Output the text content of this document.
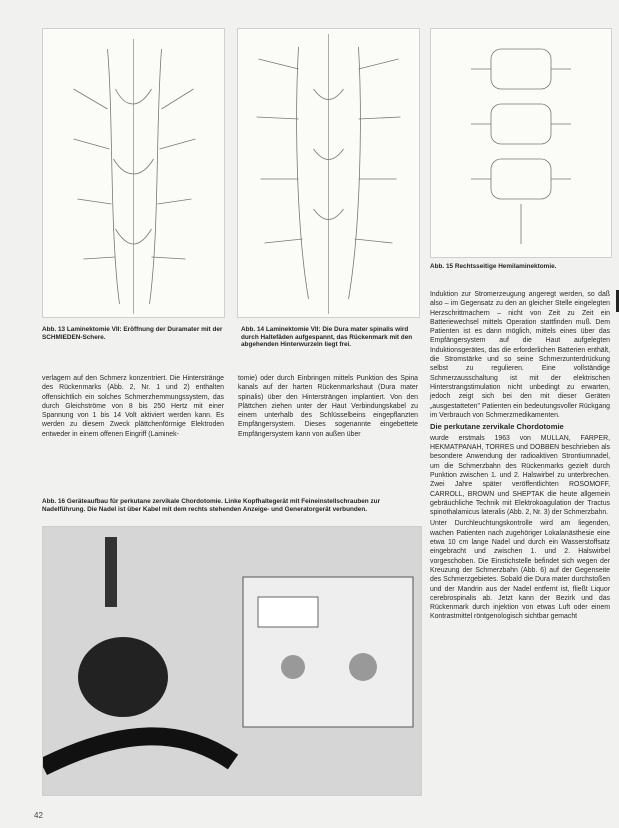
Abb. 13 Laminektomie VII: Eröffnung der Duramater mit der SCHMIEDEN-Schere.

Abb. 14 Laminektomie VII: Die Dura mater spinalis wird durch Haltefäden aufgespannt, das Rückenmark mit den abgehenden Hinterwurzeln liegt frei.

Abb. 15 Rechtsseitige Hemilaminektomie.

verlagern auf den Schmerz konzentriert. Die Hinterstränge des Rückenmarks (Abb. 2, Nr. 1 und 2) enthalten offensichtlich ein solches Schmerzhemmungssystem, das durch Gleichströme von 8 bis 250 Hertz mit einer Spannung von 1 bis 14 Volt aktiviert werden kann. Es werden zu diesem Zweck plättchenförmige Elektroden entweder in einem offenen Eingriff (Laminek-

tomie) oder durch Einbringen mittels Punktion des Spina kanals auf der harten Rückenmarkshaut (Dura mater spinalis) über den Hintersträngen implantiert. Von den Plättchen ziehen unter der Haut Verbindungskabel zu einem unterhalb des Schlüsselbeins eingepflanzten Empfängersystem. Dieses sogenannte eingebettete Empfängersystem kann von außen über

Induktion zur Stromerzeugung angeregt werden, so daß also – im Gegensatz zu den an gleicher Stelle eingelegten Herzschrittmachern – nicht von Zeit zu Zeit ein Batteriewechsel mittels Operation stattfinden muß. Dem Patienten ist es dann möglich, mittels eines über das Empfängersystem auf die Haut aufgelegten Induktionsgerätes, das die erforderlichen Batterien enthält, die Stromstärke und so seine Schmerzunterdrückung selbst zu regulieren. Eine vollständige Schmerzausschaltung ist mit der elektrischen Hinterstrangstimulation nicht unbedingt zu erwarten, jedoch zeigt sich bei den mit dieser Geräten „ausgestatteten" Patienten ein bedeutungsvoller Rückgang im Verbrauch von Schmerzmedikamenten.

Die perkutane zervikale Chordotomie

wurde erstmals 1963 von MULLAN, FARPER, HEKMATPANAH, TORRES und DOBBEN beschrieben als besondere Anwendung der radioaktiven Strontiumnadel, um die Schmerzbahn des Rückenmarks gezielt durch Punktion zwischen 1. und 2. Halswirbel zu unterbrechen. Zwei Jahre später veröffentlichten ROSOMOFF, CARROLL, BROWN und SHEPTAK die heute allgemein gebräuchliche Technik mit Elektrokoagulation der Tractus spinothalamicus lateralis (Abb. 2, Nr. 3) der Schmerzbahn.

Unter Durchleuchtungskontrolle wird am liegenden, wachen Patienten nach zugehöriger Lokalanästhesie eine etwa 10 cm lange Nadel und durch ein Wasserstoffsatz eingebracht und zwischen 1. und 2. Halswirbel vorgeschoben. Die Einstichstelle befindet sich wegen der Kreuzung der Schmerzbahn (Abb. 6) auf der Gegenseite des Schmerzgebietes. Sobald die Dura mater durchstoßen und der Mandrin aus der Nadel entfernt ist, fließt Liquor cerebrospinalis ab. Jetzt kann der Bezirk und das Rückenmark durch injektion von etwas Luft oder einem Kontrastmittel röntgenologisch sichtbar gemacht

Abb. 16 Geräteaufbau für perkutane zervikale Chordotomie. Linke Kopfhaltegerät mit Feineinstellschrauben zur Nadelführung. Die Nadel ist über Kabel mit dem rechts stehenden Anzeige- und Generatorgerät verbunden.

42
